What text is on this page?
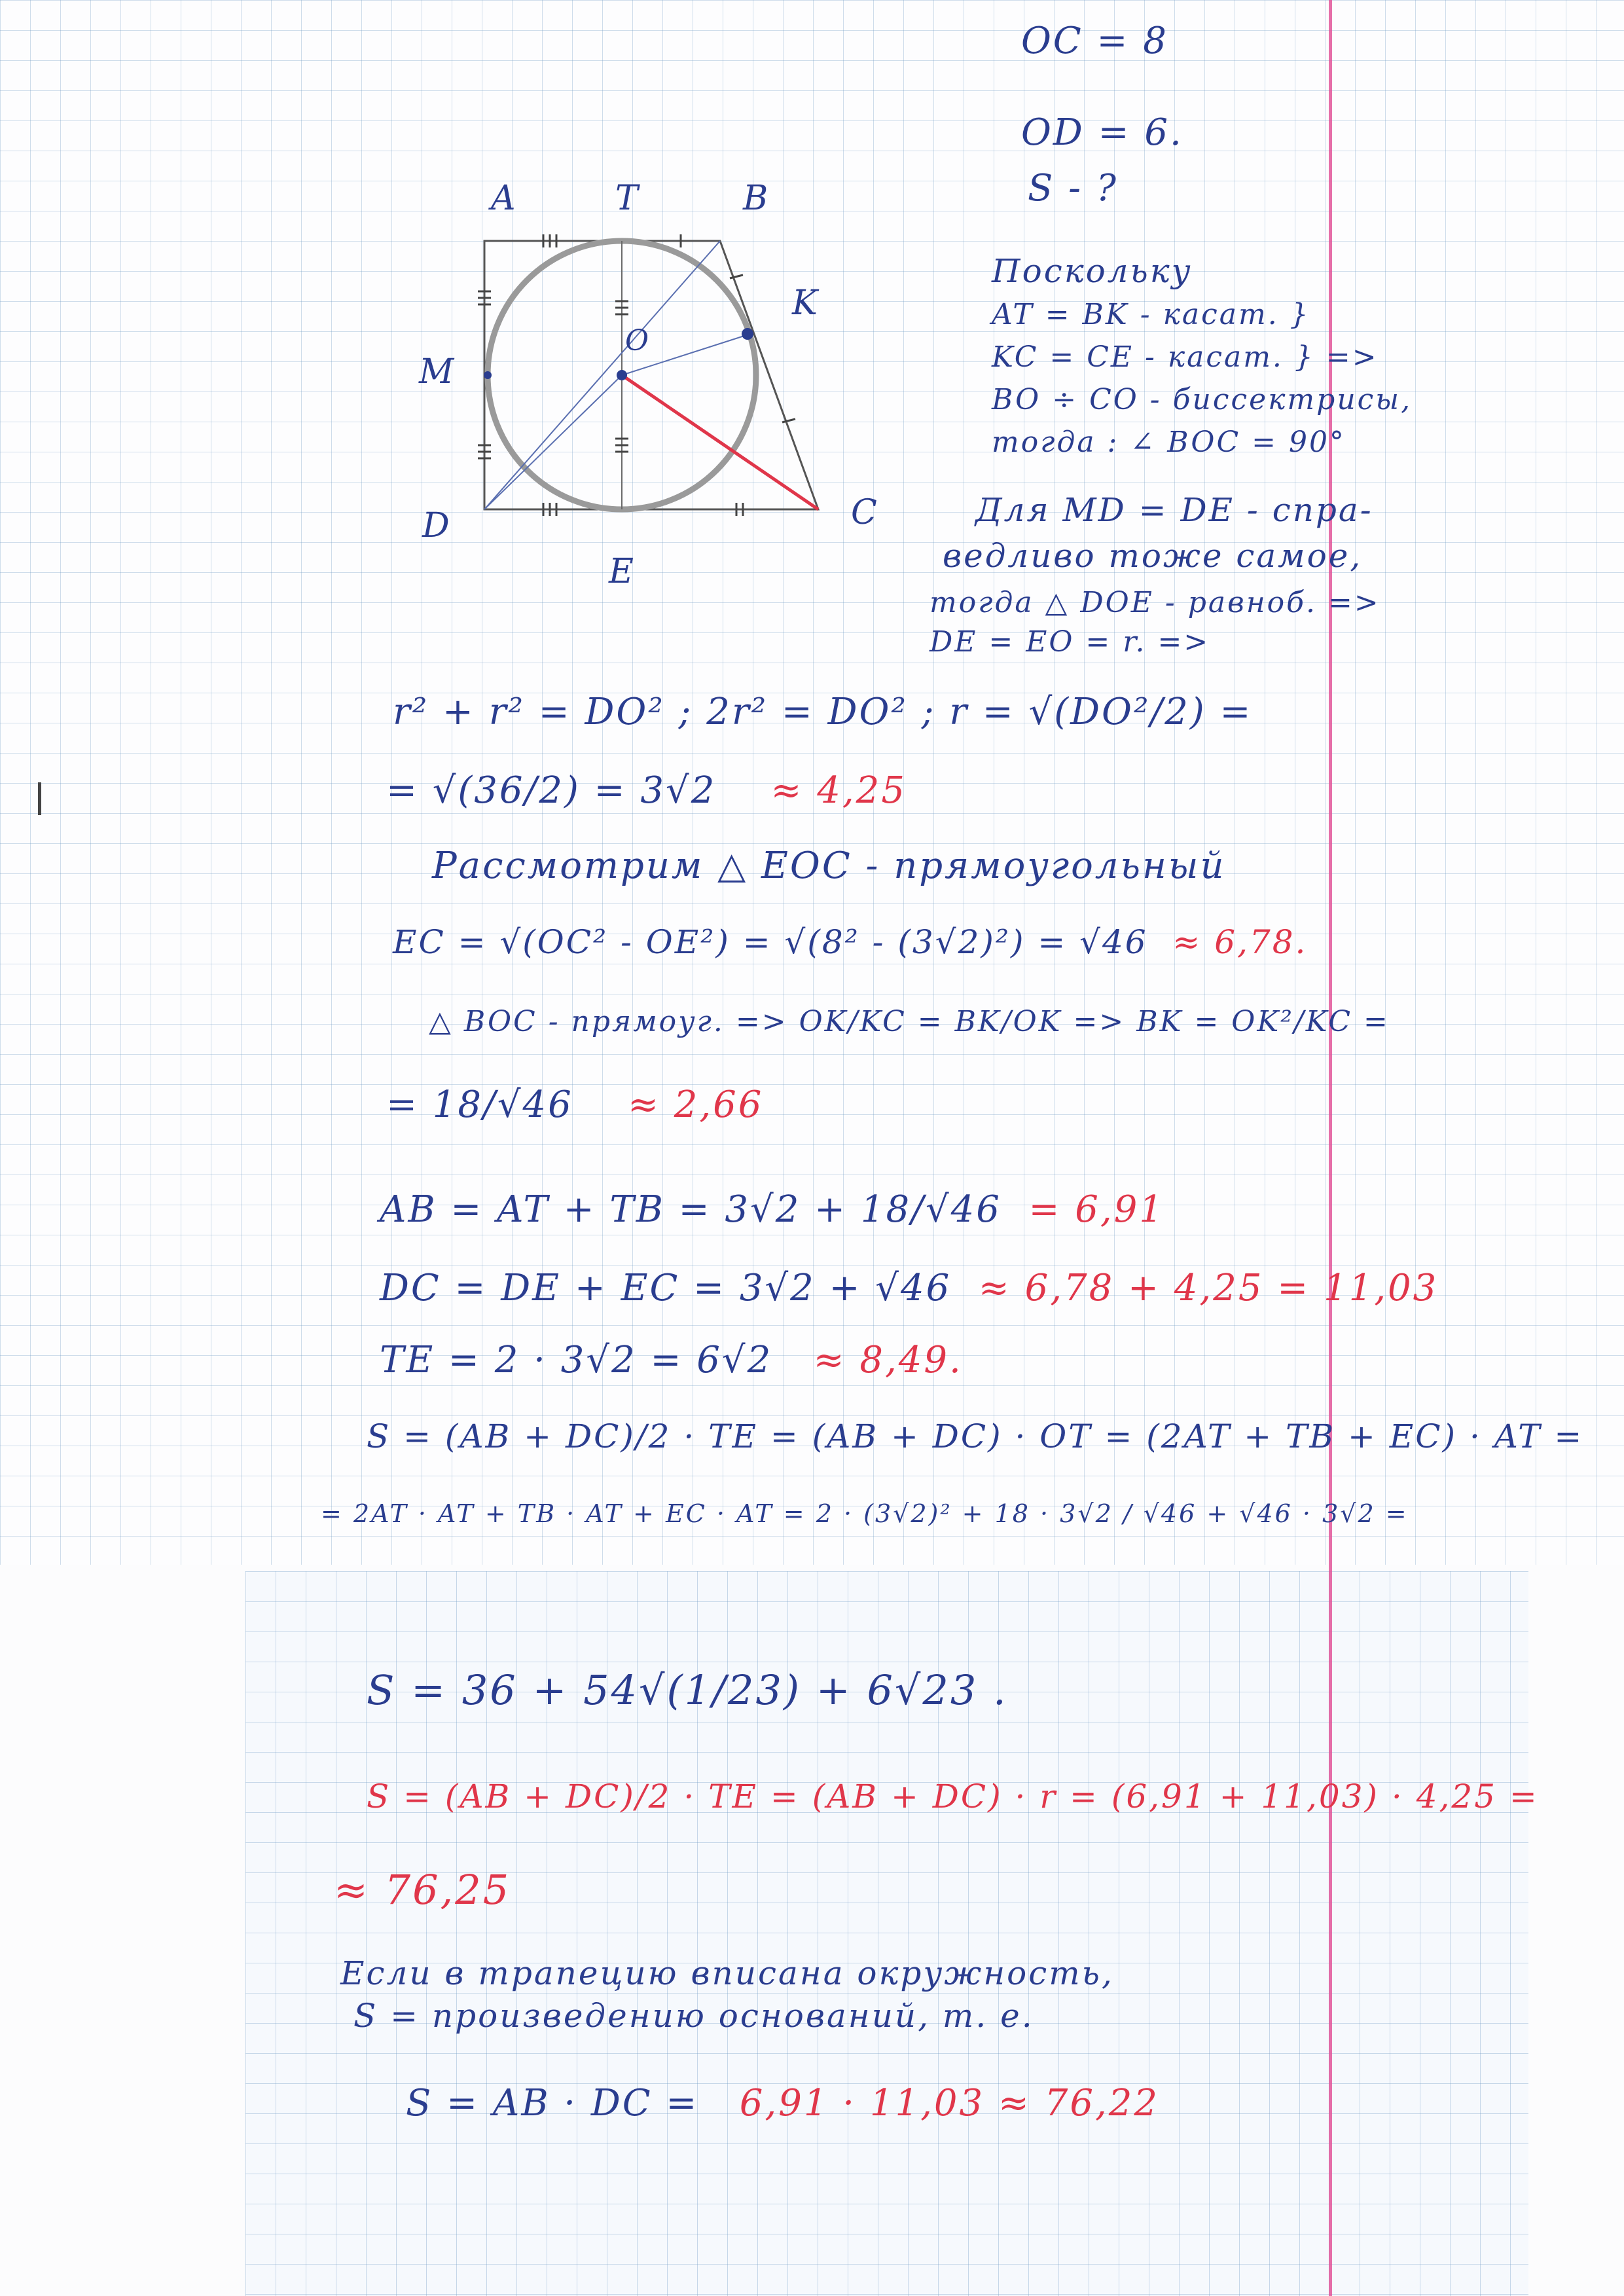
OC = 8
OD = 6.
S - ?
A	T	B
K
M
O
D
E
C
Поскольку
AT = BK - касат. }
KC = CE - касат. } =>
BO ÷ CO - биссектрисы,
тогда : ∠ BOC = 90°
Для MD = DE - спра-
ведливо тоже самое,
тогда △ DOE - равноб. =>
DE = EO = r. =>
r² + r² = DO² ; 2r² = DO² ; r = √(DO²/2) =
= √(36/2) = 3√2 ≈ 4,25
Рассмотрим △ EOC - прямоугольный
EC = √(OC² - OE²) = √(8² - (3√2)²) = √46 ≈ 6,78.
△ BOC - прямоуг. => OK/KC = BK/OK => BK = OK²/KC =
= 18/√46 ≈ 2,66
AB = AT + TB = 3√2 + 18/√46 = 6,91
DC = DE + EC = 3√2 + √46 ≈ 6,78 + 4,25 = 11,03
TE = 2 · 3√2 = 6√2 ≈ 8,49.
S = (AB + DC)/2 · TE = (AB + DC) · OT = (2AT + TB + EC) · AT =
= 2AT · AT + TB · AT + EC · AT = 2 · (3√2)² + 18 · 3√2 / √46 + √46 · 3√2 =
S = 36 + 54√(1/23) + 6√23 .
S = (AB + DC)/2 · TE = (AB + DC) · r = (6,91 + 11,03) · 4,25 =
≈ 76,25
Если в трапецию вписана окружность,
S = произведению оснований, т. е.
S = AB · DC = 6,91 · 11,03 ≈ 76,22
